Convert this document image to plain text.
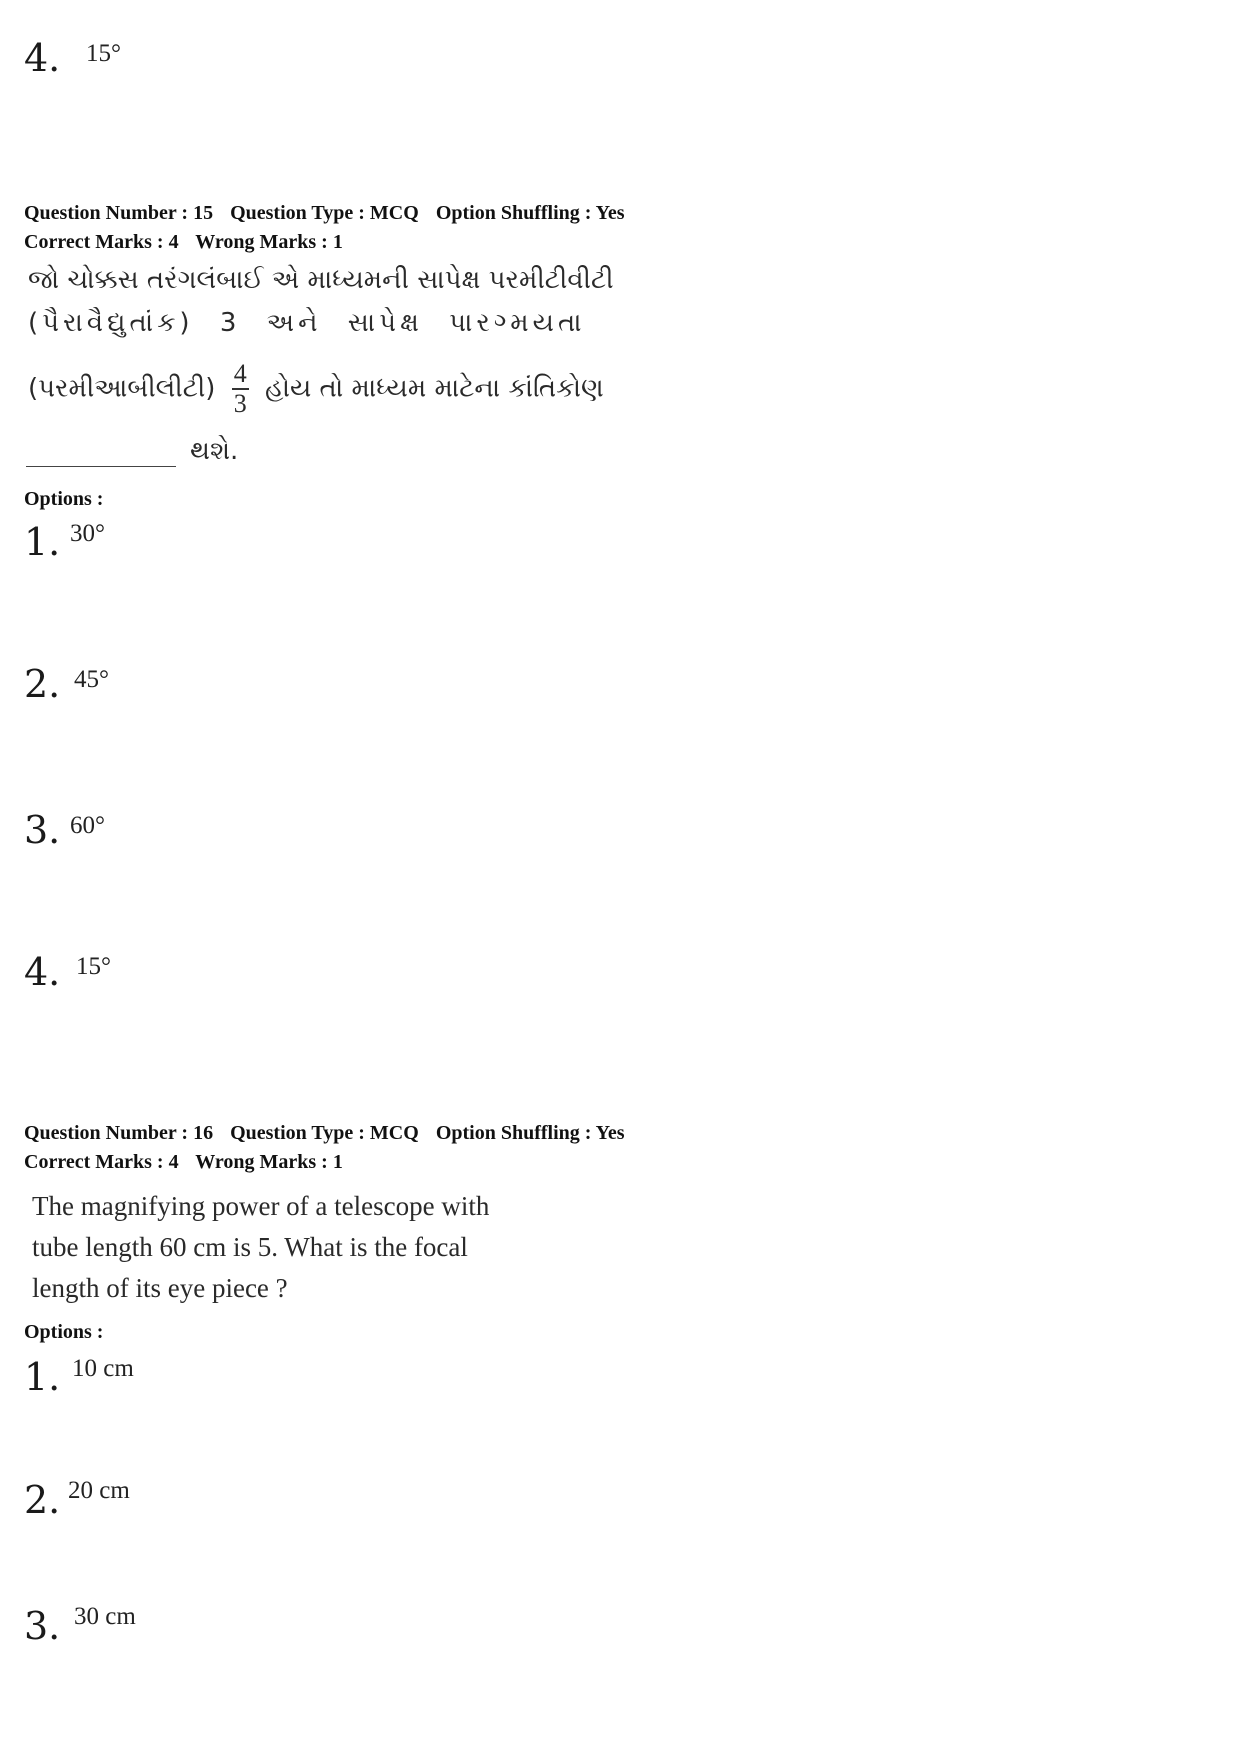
4. 15°
Question Number : 15 Question Type : MCQ Option Shuffling : Yes
Correct Marks : 4 Wrong Marks : 1
જો ચોક્કસ તરંગલંબાઈ એ માધ્યમની સાપેક્ષ પરમીટીવીટી
(પૈરાવૈદ્યુતાંક) 3 અને સાપેક્ષ પારગ્મયતા
(પરમીઆબીલીટી) $\frac{4}{3}$ હોય તો માધ્યમ માટેના કાંતિકોણ
થશે.
Options :
1. 30°
2. 45°
3. 60°
4. 15°
Question Number : 16 Question Type : MCQ Option Shuffling : Yes
Correct Marks : 4 Wrong Marks : 1
The magnifying power of a telescope with
tube length 60 cm is 5. What is the focal
length of its eye piece ?
Options :
1. 10 cm
2. 20 cm
3. 30 cm
